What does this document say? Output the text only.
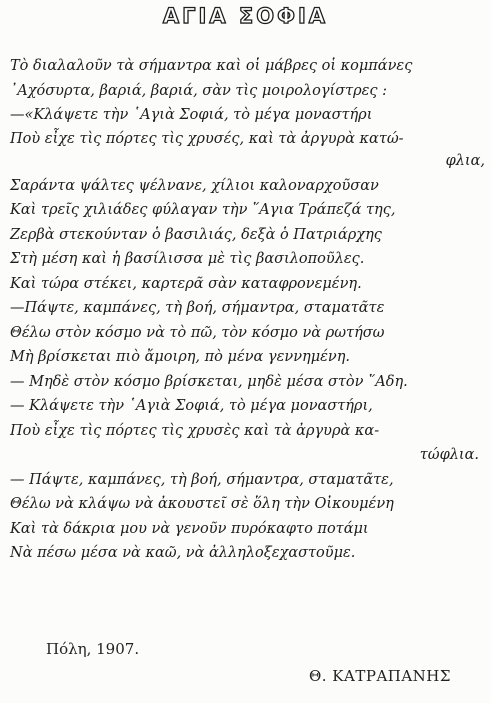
ΑΓΙΑ ΣΟΦΙΑ
Τὸ διαλαλοῦν τὰ σήμαντρα καὶ οἱ μάβρες οἱ κομπάνες
᾿Αχόσυρτα, βαριά, βαριά, σὰν τὶς μοιρολογίστρες :
—«Κλάψετε τὴν ῾Αγιὰ Σοφιά, τὸ μέγα μοναστήρι
Ποὺ εἶχε τὶς πόρτες τὶς χρυσές, καὶ τὰ ἀργυρὰ κατώ-
φλια,
Σαράντα ψάλτες ψέλνανε, χίλιοι καλοναρχοῦσαν
Καὶ τρεῖς χιλιάδες φύλαγαν τὴν ῞Αγια Τράπεζά της,
Ζερβὰ στεκούνταν ὁ βασιλιάς, δεξὰ ὁ Πατριάρχης
Στὴ μέση καὶ ἡ βασίλισσα μὲ τὶς βασιλοποῦλες.
Καὶ τώρα στέκει, καρτερᾶ σὰν καταφρονεμένη.
—Πάψτε, καμπάνες, τὴ βοή, σήμαντρα, σταματᾶτε
Θέλω στὸν κόσμο νὰ τὸ πῶ, τὸν κόσμο νὰ ρωτήσω
Μὴ βρίσκεται πιὸ ἄμοιρη, πὸ μένα γεννημένη.
— Μηδὲ στὸν κόσμο βρίσκεται, μηδὲ μέσα στὸν ῞Αδη.
— Κλάψετε τὴν ῾Αγιὰ Σοφιά, τὸ μέγα μοναστήρι,
Ποὺ εἶχε τὶς πόρτες τὶς χρυσὲς καὶ τὰ ἀργυρὰ κα-
τώφλια.
— Πάψτε, καμπάνες, τὴ βοή, σήμαντρα, σταματᾶτε,
Θέλω νὰ κλάψω νὰ ἀκουστεῖ σὲ ὅλη τὴν Οἰκουμένη
Καὶ τὰ δάκρια μου νὰ γενοῦν πυρόκαφτο ποτάμι
Νὰ πέσω μέσα νὰ καῶ, νὰ ἀλληλοξεχαστοῦμε.
Πόλη, 1907.
Θ. ΚΑΤΡΑΠΑΝΗΣ
